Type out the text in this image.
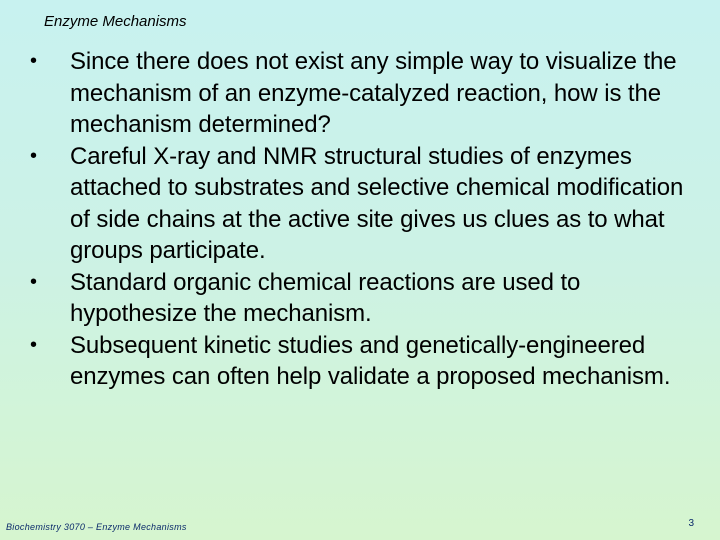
Enzyme Mechanisms
• Since there does not exist any simple way to visualize the mechanism of an enzyme-catalyzed reaction, how is the mechanism determined?
• Careful X-ray and NMR structural studies of enzymes attached to substrates and selective chemical modification of side chains at the active site gives us clues as to what groups participate.
• Standard organic chemical reactions are used to hypothesize the mechanism.
• Subsequent kinetic studies and genetically-engineered enzymes can often help validate a proposed mechanism.
Biochemistry 3070 – Enzyme Mechanisms	3
